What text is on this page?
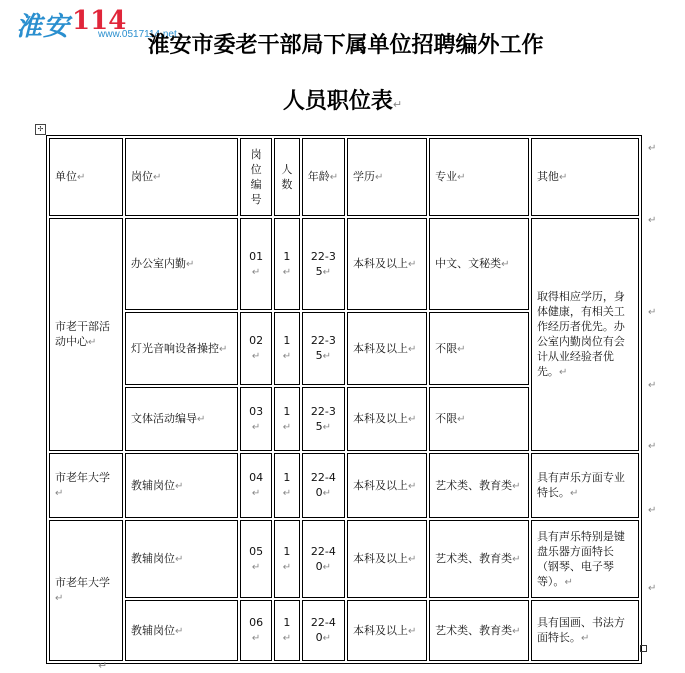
淮安114
www.0517114.net
淮安市委老干部局下属单位招聘编外工作
人员职位表↵
✢
单位↵	岗位↵	岗位编号	人数	年龄↵	学历↵	专业↵	其他↵
市老干部活动中心↵	办公室内勤↵	01↵	1↵	22-35↵	本科及以上↵	中文、文秘类↵	取得相应学历，身体健康，有相关工作经历者优先。办公室内勤岗位有会计从业经验者优先。↵
	灯光音响设备操控↵	02↵	1↵	22-35↵	本科及以上↵	不限↵	
	文体活动编导↵	03↵	1↵	22-35↵	本科及以上↵	不限↵	
市老年大学↵	教辅岗位↵	04↵	1↵	22-40↵	本科及以上↵	艺术类、教育类↵	具有声乐方面专业特长。↵
市老年大学↵	教辅岗位↵	05↵	1↵	22-40↵	本科及以上↵	艺术类、教育类↵	具有声乐特别是键盘乐器方面特长（钢琴、电子琴等）。↵
	教辅岗位↵	06↵	1↵	22-40↵	本科及以上↵	艺术类、教育类↵	具有国画、书法方面特长。↵
↵
↵
↵
↵
↵
↵
↵
↵
